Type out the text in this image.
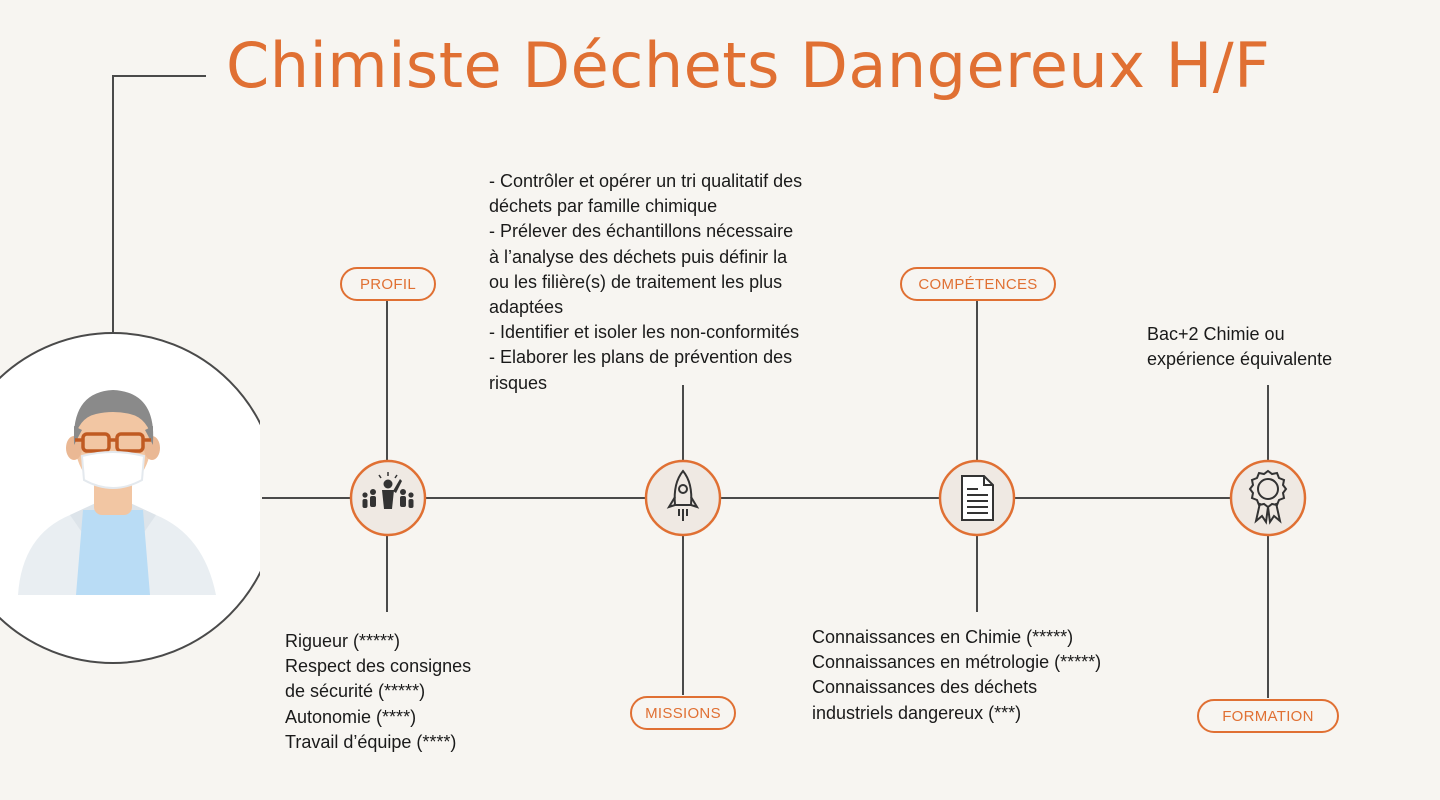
Chimiste Déchets Dangereux H/F
PROFIL
Rigueur (*****)
Respect des consignes
de sécurité (*****)
Autonomie (****)
Travail d’équipe (****)
- Contrôler et opérer un tri qualitatif des
déchets par famille chimique
- Prélever des échantillons nécessaire
à l’analyse des déchets puis définir la
ou les filière(s) de traitement les plus
adaptées
- Identifier et isoler les non-conformités
- Elaborer les plans de prévention des
risques
MISSIONS
COMPÉTENCES
Connaissances en Chimie (*****)
Connaissances en métrologie (*****)
Connaissances des déchets
industriels dangereux (***)
Bac+2 Chimie ou
expérience équivalente
FORMATION
